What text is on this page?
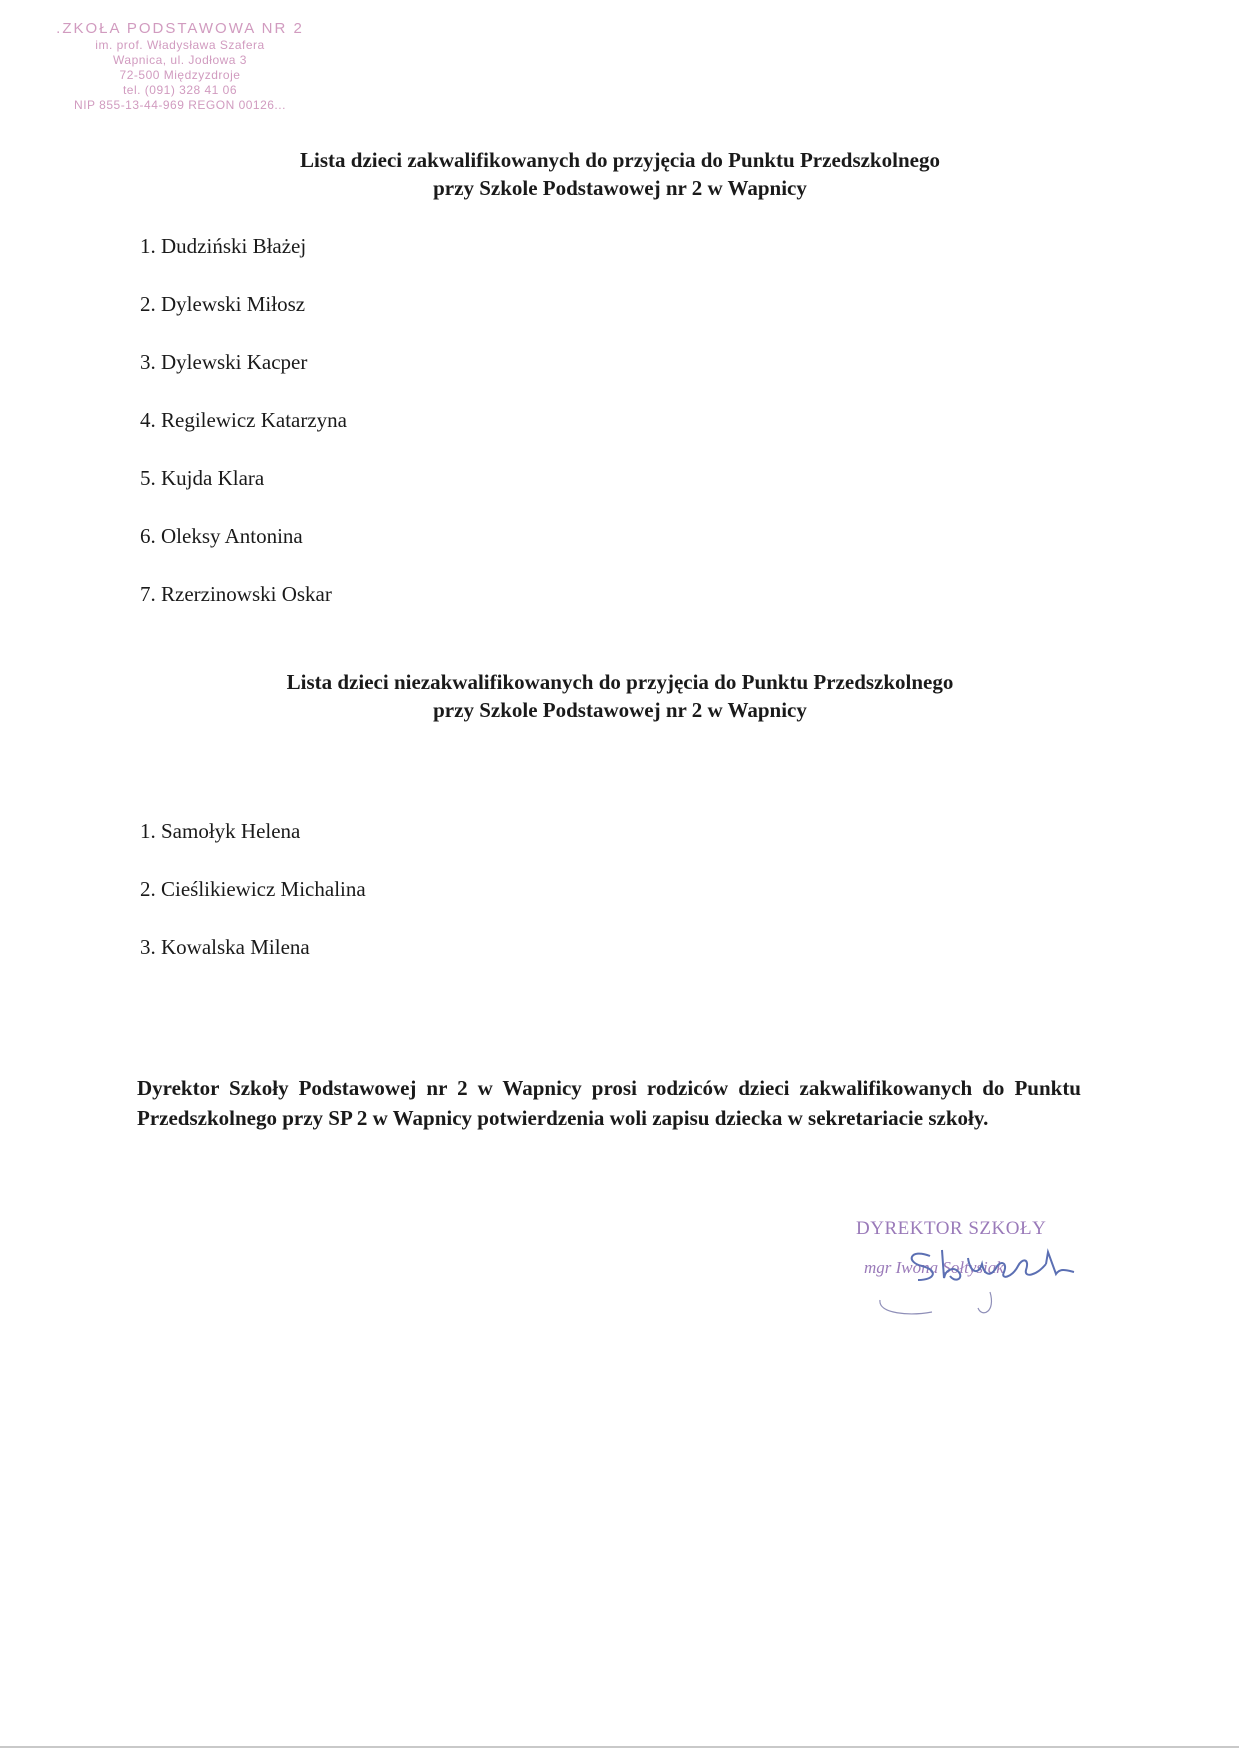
.ZKOŁA PODSTAWOWA NR 2
im. prof. Władysława Szafera
Wapnica, ul. Jodłowa 3
72-500 Międzyzdroje
tel. (091) 328 41 06
NIP 855-13-44-969 REGON 00126...
Lista dzieci zakwalifikowanych do przyjęcia do Punktu Przedszkolnego
przy Szkole Podstawowej nr 2 w Wapnicy
1. Dudziński Błażej
2. Dylewski Miłosz
3. Dylewski Kacper
4. Regilewicz Katarzyna
5. Kujda Klara
6. Oleksy Antonina
7. Rzerzinowski Oskar
Lista dzieci niezakwalifikowanych do przyjęcia do Punktu Przedszkolnego
przy Szkole Podstawowej nr 2 w Wapnicy
1. Samołyk Helena
2. Cieślikiewicz Michalina
3. Kowalska Milena

Dyrektor Szkoły Podstawowej nr 2 w Wapnicy prosi rodziców dzieci zakwalifikowanych do Punktu Przedszkolnego przy SP 2 w Wapnicy potwierdzenia woli zapisu dziecka w sekretariacie szkoły.

DYREKTOR SZKOŁY
mgr Iwona Sołtysiak
